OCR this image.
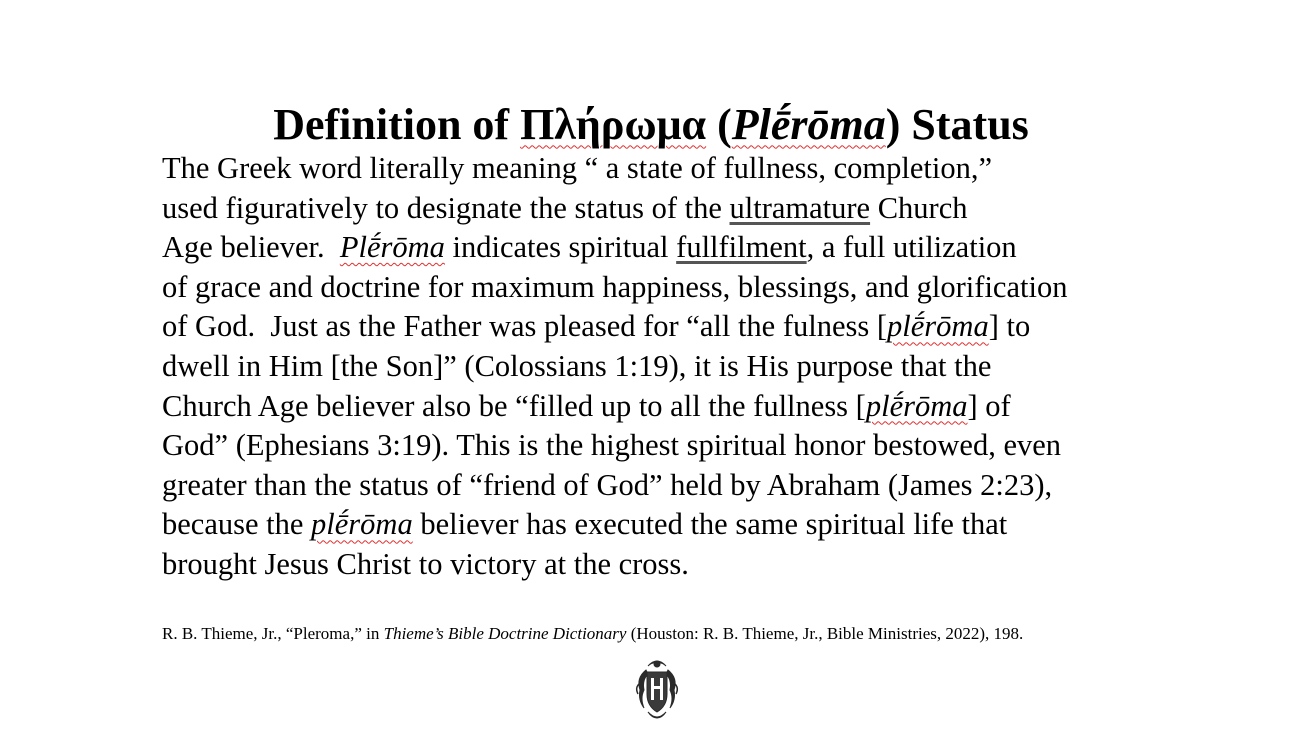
Definition of Πλήρωμα (Plḗrōma) Status
The Greek word literally meaning “ a state of fullness, completion,”
used figuratively to designate the status of the ultramature Church
Age believer.  Plḗrōma indicates spiritual fullfilment, a full utilization
of grace and doctrine for maximum happiness, blessings, and glorification
of God.  Just as the Father was pleased for “all the fulness [plḗrōma] to
dwell in Him [the Son]” (Colossians 1:19), it is His purpose that the
Church Age believer also be “filled up to all the fullness [plḗrōma] of
God” (Ephesians 3:19). This is the highest spiritual honor bestowed, even
greater than the status of “friend of God” held by Abraham (James 2:23),
because the plḗrōma believer has executed the same spiritual life that
brought Jesus Christ to victory at the cross.
R. B. Thieme, Jr., “Pleroma,” in Thieme’s Bible Doctrine Dictionary (Houston: R. B. Thieme, Jr., Bible Ministries, 2022), 198.
